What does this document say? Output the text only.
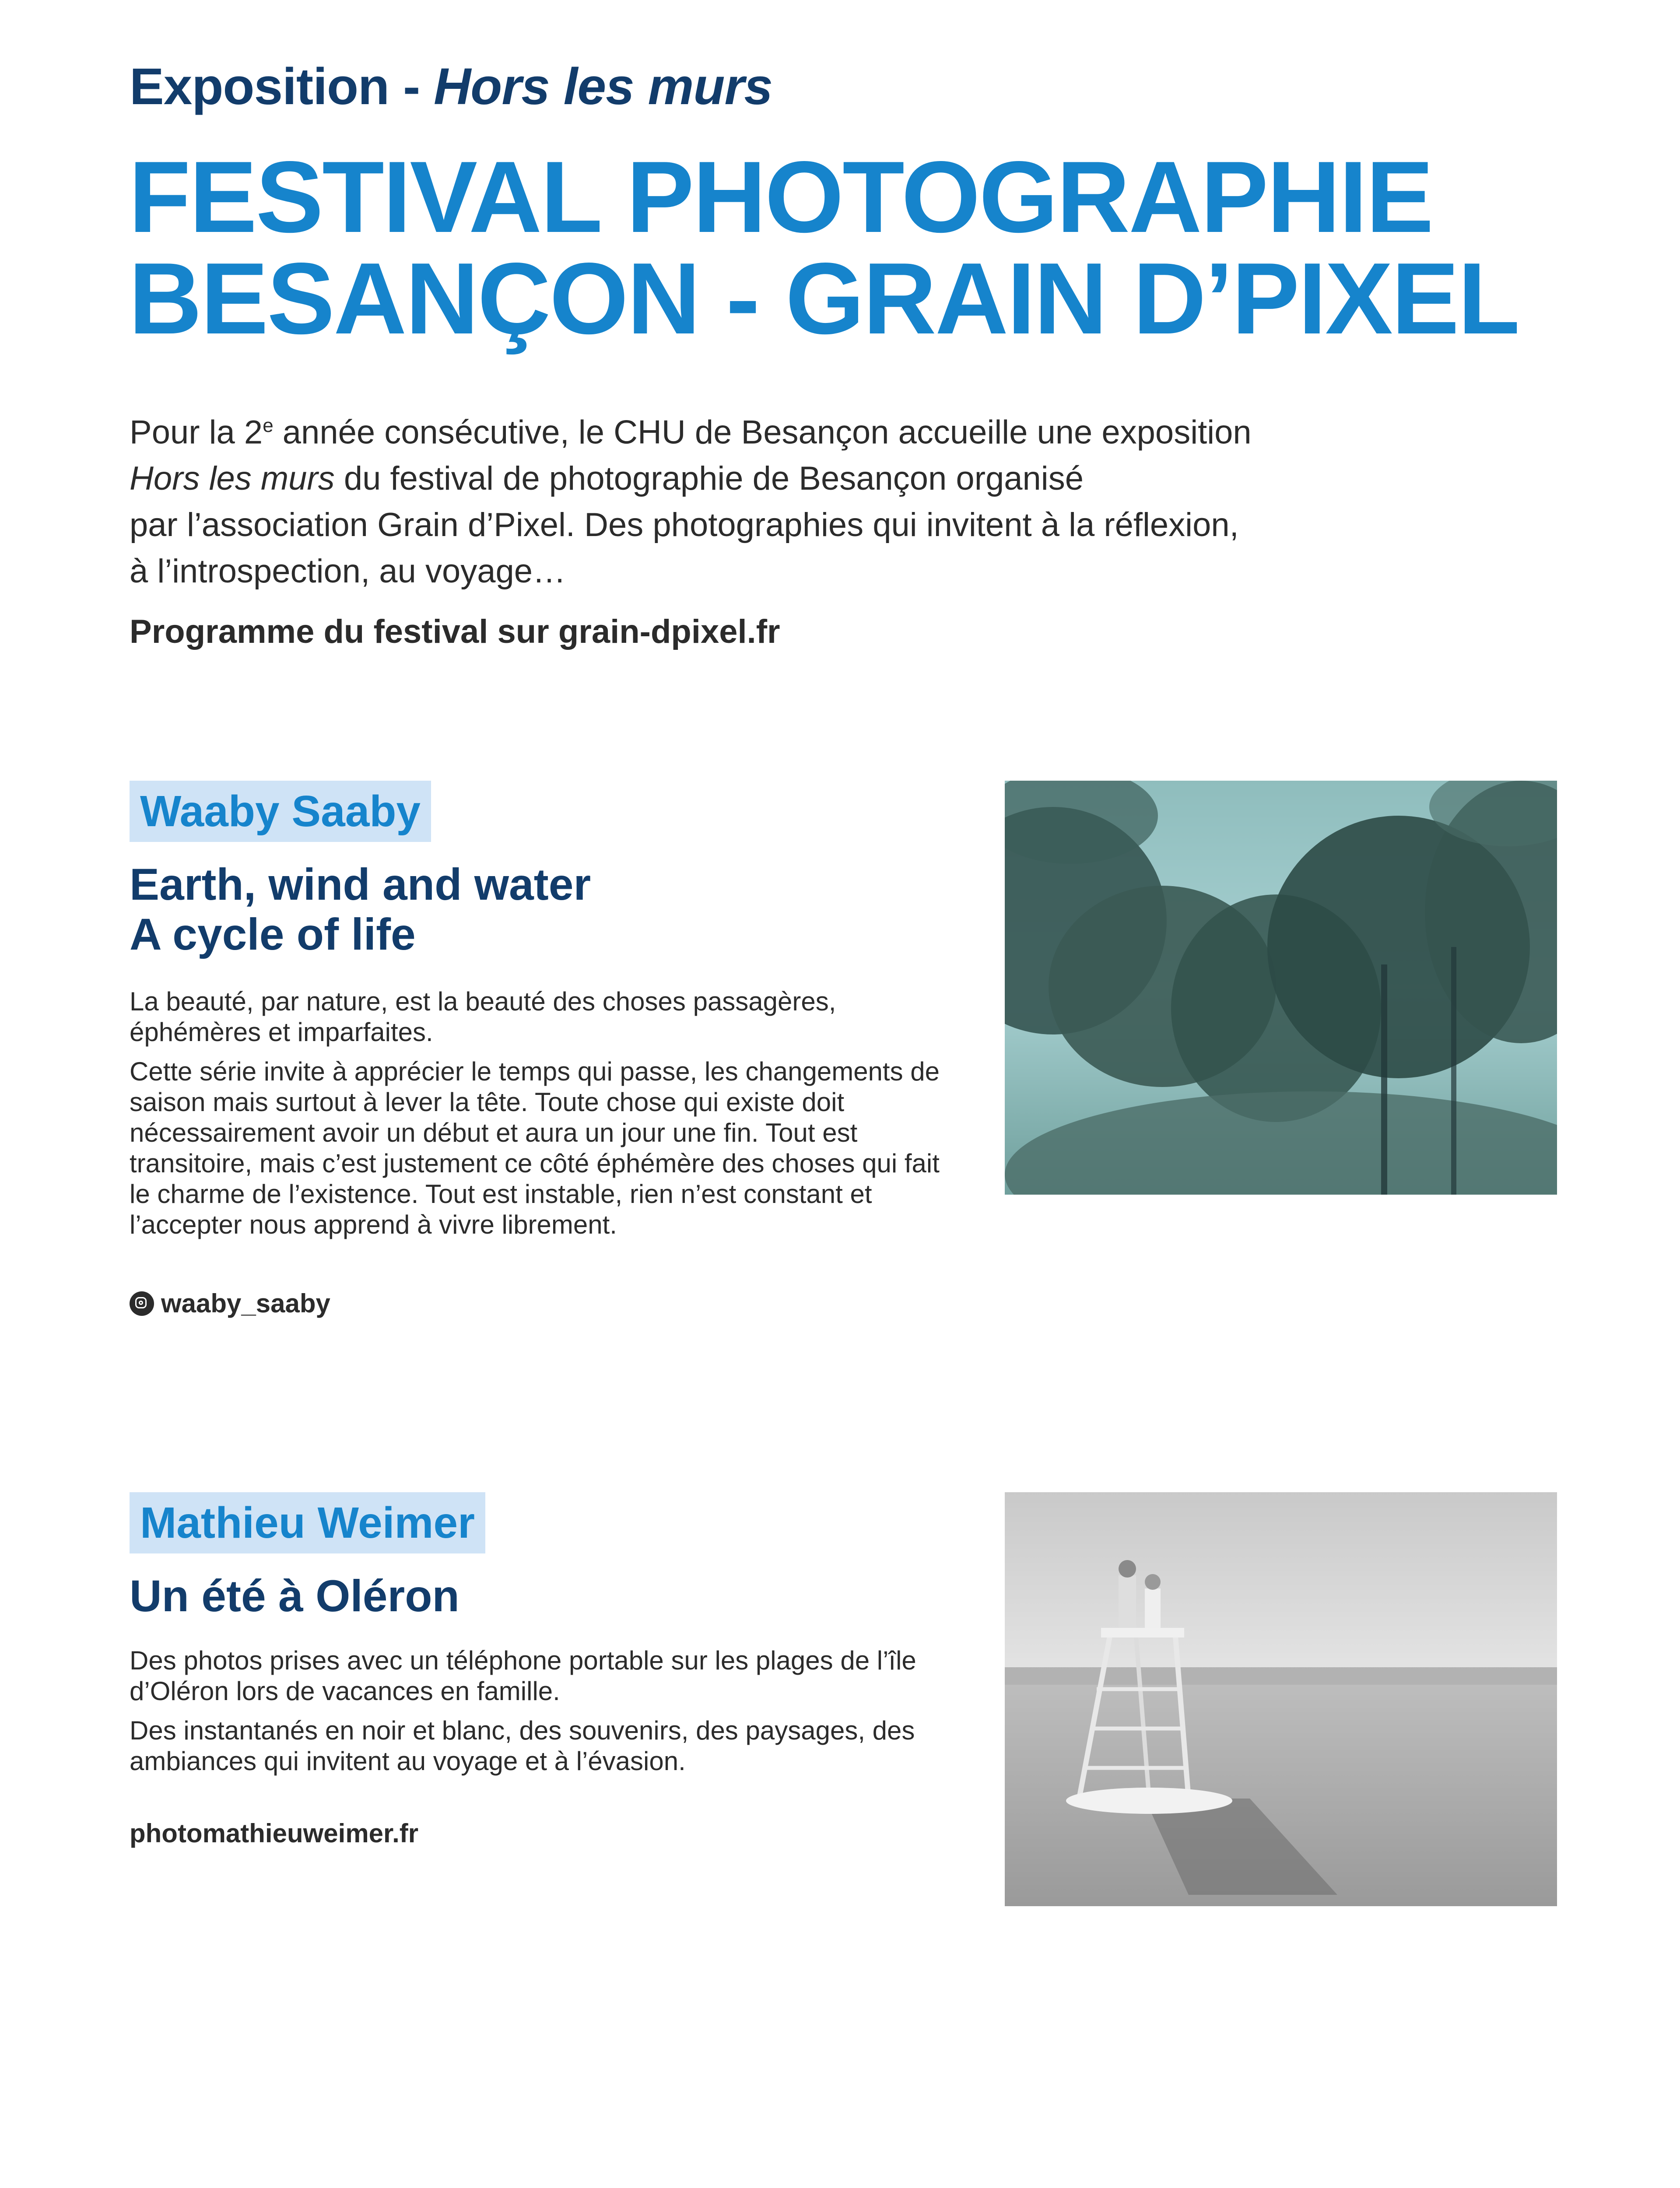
Exposition - Hors les murs
FESTIVAL PHOTOGRAPHIE
BESANÇON - GRAIN D’PIXEL

Pour la 2e année consécutive, le CHU de Besançon accueille une exposition

Hors les murs du festival de photographie de Besançon organisé

par l’association Grain d’Pixel. Des photographies qui invitent à la réflexion,

à l’introspection, au voyage…

Programme du festival sur grain-dpixel.fr
Waaby Saaby
Earth, wind and water
A cycle of life

La beauté, par nature, est la beauté des choses passagères, éphémères et imparfaites.

Cette série invite à apprécier le temps qui passe, les changements de saison mais surtout à lever la tête. Toute chose qui existe doit nécessairement avoir un début et aura un jour une fin. Tout est transitoire, mais c’est justement ce côté éphémère des choses qui fait le charme de l’existence. Tout est instable, rien n’est constant et l’accepter nous apprend à vivre librement.

waaby_saaby
Mathieu Weimer
Un été à Oléron

Des photos prises avec un téléphone portable sur les plages de l’île d’Oléron lors de vacances en famille.

Des instantanés en noir et blanc, des souvenirs, des paysages, des ambiances qui invitent au voyage et à l’évasion.

photomathieuweimer.fr
